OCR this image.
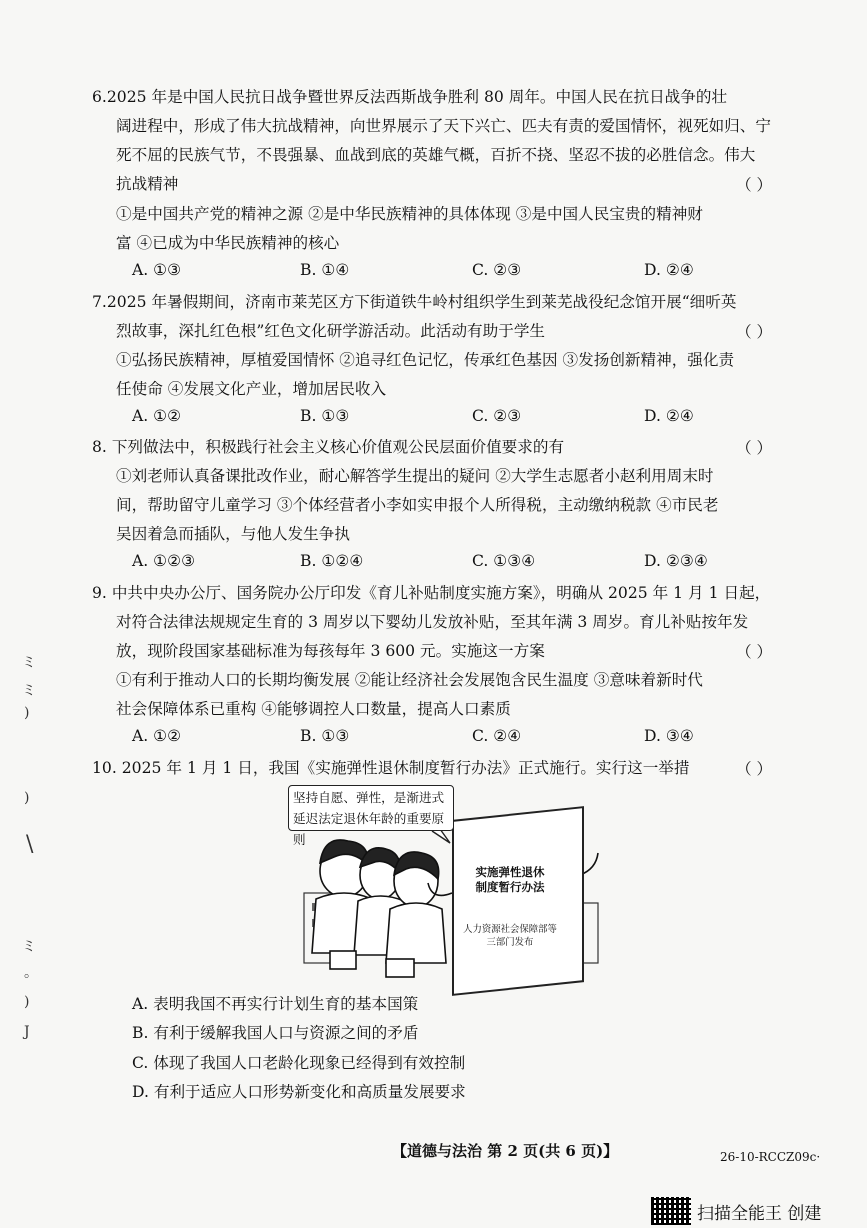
6.2025 年是中国人民抗日战争暨世界反法西斯战争胜利 80 周年。中国人民在抗日战争的壮
阔进程中，形成了伟大抗战精神，向世界展示了天下兴亡、匹夫有责的爱国情怀，视死如归、宁
死不屈的民族气节，不畏强暴、血战到底的英雄气概，百折不挠、坚忍不拔的必胜信念。伟大
抗战精神	（ ）
①是中国共产党的精神之源 ②是中华民族精神的具体体现 ③是中国人民宝贵的精神财
富 ④已成为中华民族精神的核心
A. ①③	B. ①④	C. ②③	D. ②④
7.2025 年暑假期间，济南市莱芜区方下街道铁牛岭村组织学生到莱芜战役纪念馆开展“细听英
烈故事，深扎红色根”红色文化研学游活动。此活动有助于学生	（ ）
①弘扬民族精神，厚植爱国情怀 ②追寻红色记忆，传承红色基因 ③发扬创新精神，强化责
任使命 ④发展文化产业，增加居民收入
A. ①②	B. ①③	C. ②③	D. ②④
8. 下列做法中，积极践行社会主义核心价值观公民层面价值要求的有	（ ）
①刘老师认真备课批改作业，耐心解答学生提出的疑问 ②大学生志愿者小赵利用周末时
间，帮助留守儿童学习 ③个体经营者小李如实申报个人所得税，主动缴纳税款 ④市民老
吴因着急而插队，与他人发生争执
A. ①②③	B. ①②④	C. ①③④	D. ②③④
9. 中共中央办公厅、国务院办公厅印发《育儿补贴制度实施方案》，明确从 2025 年 1 月 1 日起，
对符合法律法规规定生育的 3 周岁以下婴幼儿发放补贴，至其年满 3 周岁。育儿补贴按年发
放，现阶段国家基础标准为每孩每年 3 600 元。实施这一方案	（ ）
①有利于推动人口的长期均衡发展 ②能让经济社会发展饱含民生温度 ③意味着新时代
社会保障体系已重构 ④能够调控人口数量，提高人口素质
A. ①②	B. ①③	C. ②④	D. ③④
10. 2025 年 1 月 1 日，我国《实施弹性退休制度暂行办法》正式施行。实行这一举措	（ ）
坚持自愿、弹性，是渐进式延迟法定退休年龄的重要原则
实施弹性退休制度暂行办法
人力资源社会保障部等三部门发布
A. 表明我国不再实行计划生育的基本国策
B. 有利于缓解我国人口与资源之间的矛盾
C. 体现了我国人口老龄化现象已经得到有效控制
D. 有利于适应人口形势新变化和高质量发展要求
ミ
ミ
)
)
\
ミ
。
)
J
【道德与法治 第 2 页(共 6 页)】	26-10-RCCZ09c·
扫描全能王 创建
